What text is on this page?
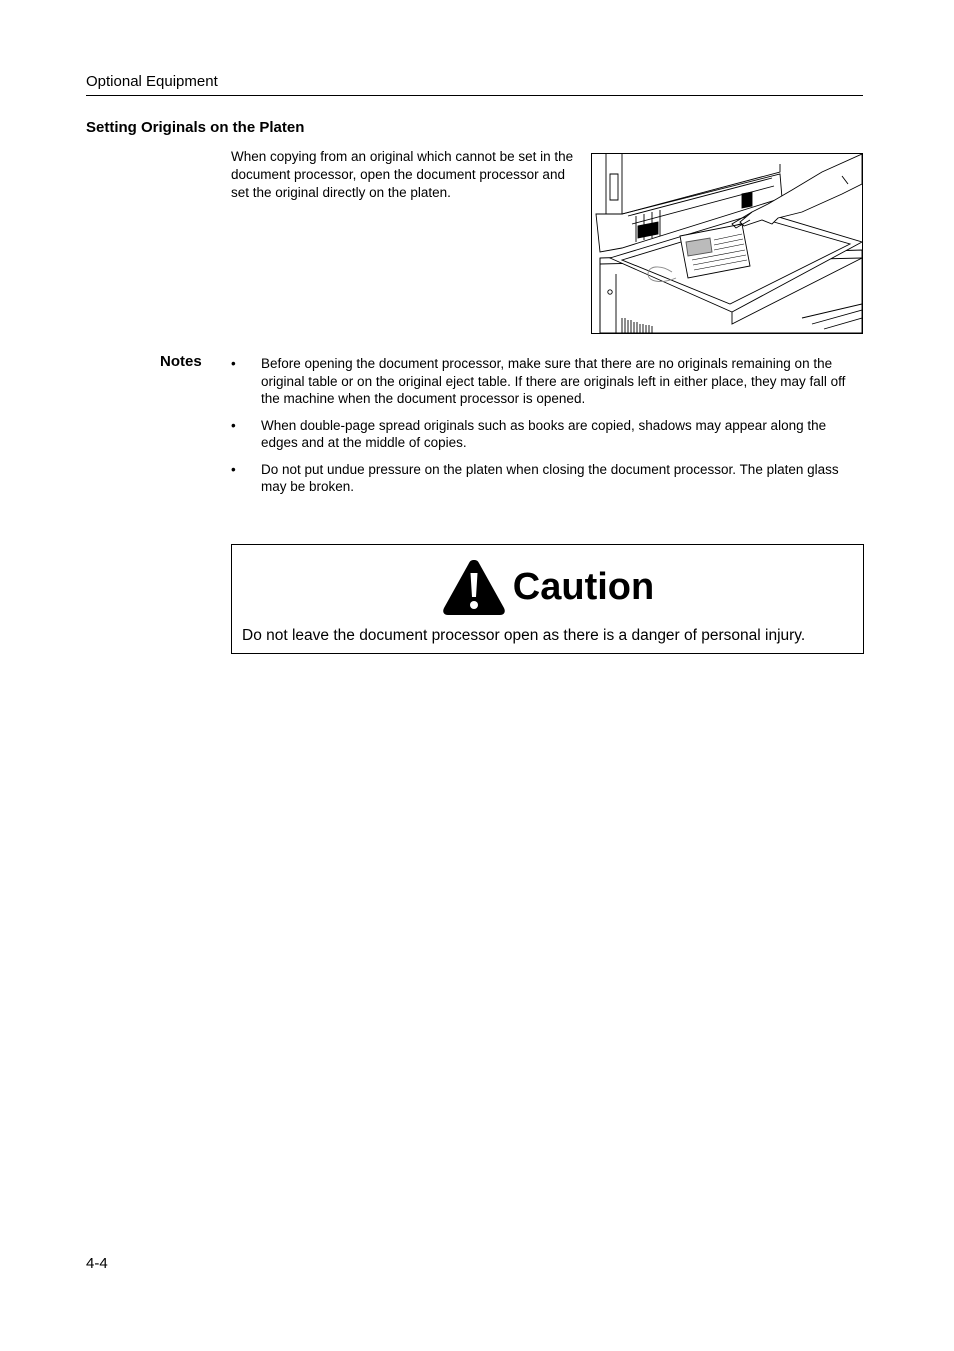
Optional Equipment
Setting Originals on the Platen
When copying from an original which cannot be set in the document processor, open the document processor and set the original directly on the platen.
Notes • Before opening the document processor, make sure that there are no originals remaining on the original table or on the original eject table. If there are originals left in either place, they may fall off the machine when the document processor is opened.
• When double-page spread originals such as books are copied, shadows may appear along the edges and at the middle of copies.
• Do not put undue pressure on the platen when closing the document processor. The platen glass may be broken.
Caution
Do not leave the document processor open as there is a danger of personal injury.
4-4
